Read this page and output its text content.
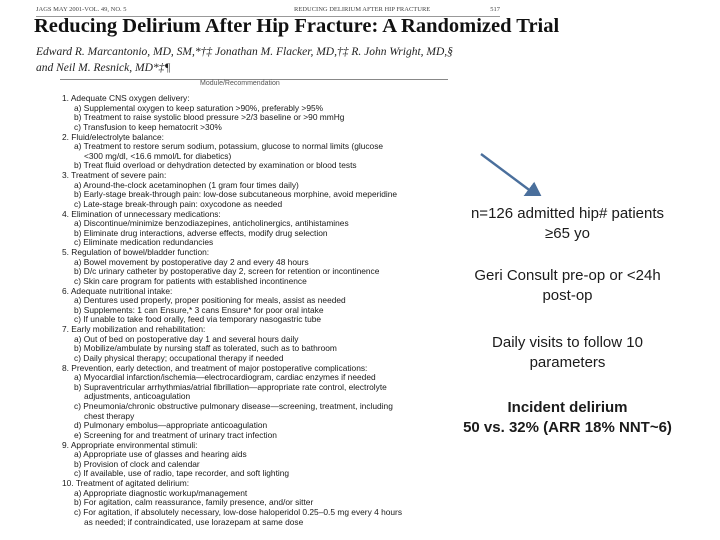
JAGS MAY 2001-VOL. 49, NO. 5	REDUCING DELIRIUM AFTER HIP FRACTURE	517
Reducing Delirium After Hip Fracture: A Randomized Trial
Edward R. Marcantonio, MD, SM,*†‡ Jonathan M. Flacker, MD,†‡ R. John Wright, MD,§
and Neil M. Resnick, MD*‡¶
Module/Recommendation
1. Adequate CNS oxygen delivery:
a) Supplemental oxygen to keep saturation >90%, preferably >95%
b) Treatment to raise systolic blood pressure >2/3 baseline or >90 mmHg
c) Transfusion to keep hematocrit >30%
2. Fluid/electrolyte balance:
a) Treatment to restore serum sodium, potassium, glucose to normal limits (glucose
<300 mg/dl, <16.6 mmol/L for diabetics)
b) Treat fluid overload or dehydration detected by examination or blood tests
3. Treatment of severe pain:
a) Around-the-clock acetaminophen (1 gram four times daily)
b) Early-stage break-through pain: low-dose subcutaneous morphine, avoid meperidine
c) Late-stage break-through pain: oxycodone as needed
4. Elimination of unnecessary medications:
a) Discontinue/minimize benzodiazepines, anticholinergics, antihistamines
b) Eliminate drug interactions, adverse effects, modify drug selection
c) Eliminate medication redundancies
5. Regulation of bowel/bladder function:
a) Bowel movement by postoperative day 2 and every 48 hours
b) D/c urinary catheter by postoperative day 2, screen for retention or incontinence
c) Skin care program for patients with established incontinence
6. Adequate nutritional intake:
a) Dentures used properly, proper positioning for meals, assist as needed
b) Supplements: 1 can Ensure,* 3 cans Ensure* for poor oral intake
c) If unable to take food orally, feed via temporary nasogastric tube
7. Early mobilization and rehabilitation:
a) Out of bed on postoperative day 1 and several hours daily
b) Mobilize/ambulate by nursing staff as tolerated, such as to bathroom
c) Daily physical therapy; occupational therapy if needed
8. Prevention, early detection, and treatment of major postoperative complications:
a) Myocardial infarction/ischemia—electrocardiogram, cardiac enzymes if needed
b) Supraventricular arrhythmias/atrial fibrillation—appropriate rate control, electrolyte
adjustments, anticoagulation
c) Pneumonia/chronic obstructive pulmonary disease—screening, treatment, including
chest therapy
d) Pulmonary embolus—appropriate anticoagulation
e) Screening for and treatment of urinary tract infection
9. Appropriate environmental stimuli:
a) Appropriate use of glasses and hearing aids
b) Provision of clock and calendar
c) If available, use of radio, tape recorder, and soft lighting
10. Treatment of agitated delirium:
a) Appropriate diagnostic workup/management
b) For agitation, calm reassurance, family presence, and/or sitter
c) For agitation, if absolutely necessary, low-dose haloperidol 0.25–0.5 mg every 4 hours
as needed; if contraindicated, use lorazepam at same dose
n=126 admitted hip# patients
≥65 yo
Geri Consult pre-op or <24h
post-op
Daily visits to follow 10
parameters
Incident delirium
50 vs. 32% (ARR 18% NNT~6)
